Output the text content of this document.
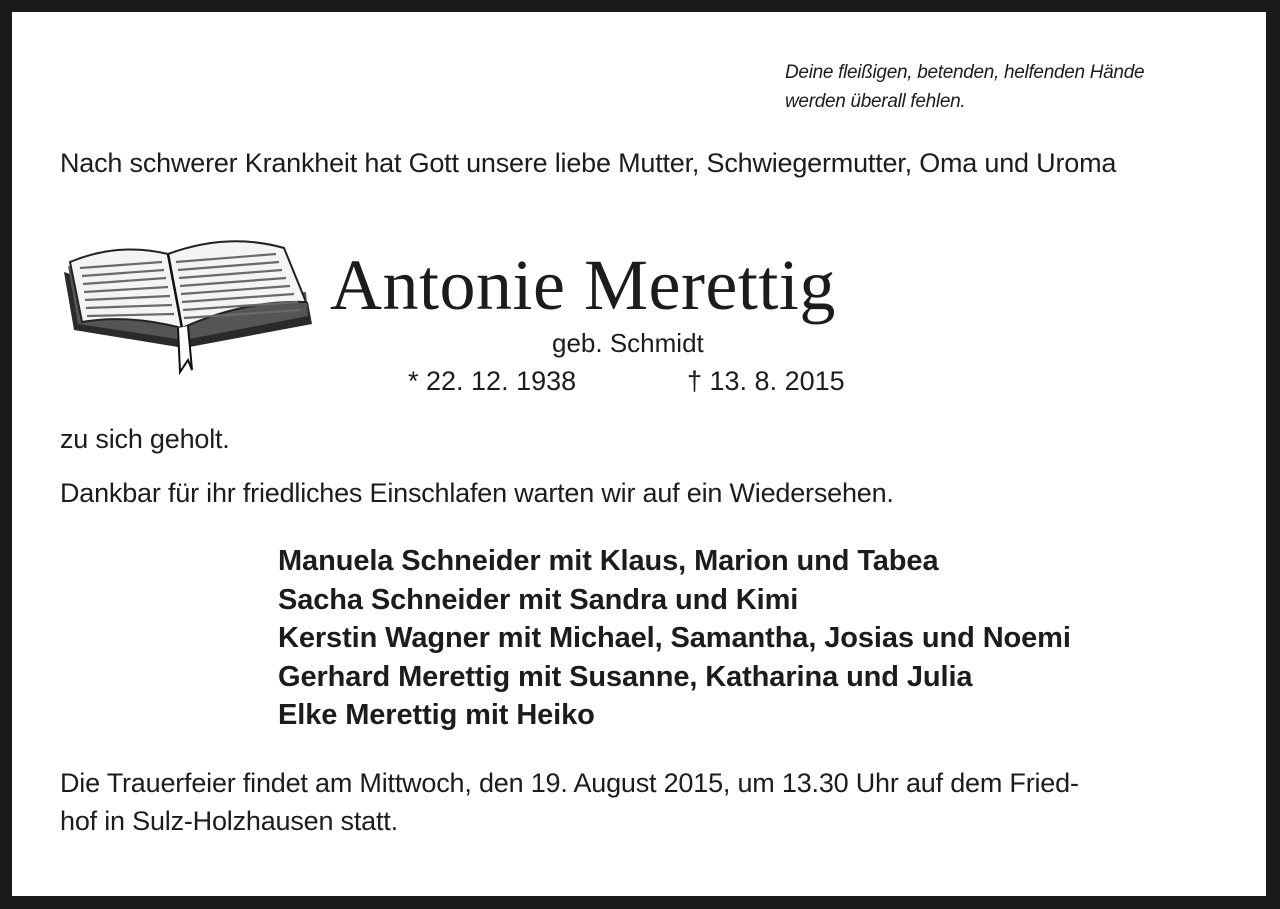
Deine fleißigen, betenden, helfenden Hände
werden überall fehlen.
Nach schwerer Krankheit hat Gott unsere liebe Mutter, Schwiegermutter, Oma und Uroma
Antonie Merettig
geb. Schmidt
* 22. 12. 1938	† 13. 8. 2015
zu sich geholt.
Dankbar für ihr friedliches Einschlafen warten wir auf ein Wiedersehen.
Manuela Schneider mit Klaus, Marion und Tabea
Sacha Schneider mit Sandra und Kimi
Kerstin Wagner mit Michael, Samantha, Josias und Noemi
Gerhard Merettig mit Susanne, Katharina und Julia
Elke Merettig mit Heiko
Die Trauerfeier findet am Mittwoch, den 19. August 2015, um 13.30 Uhr auf dem Fried-
hof in Sulz-Holzhausen statt.
